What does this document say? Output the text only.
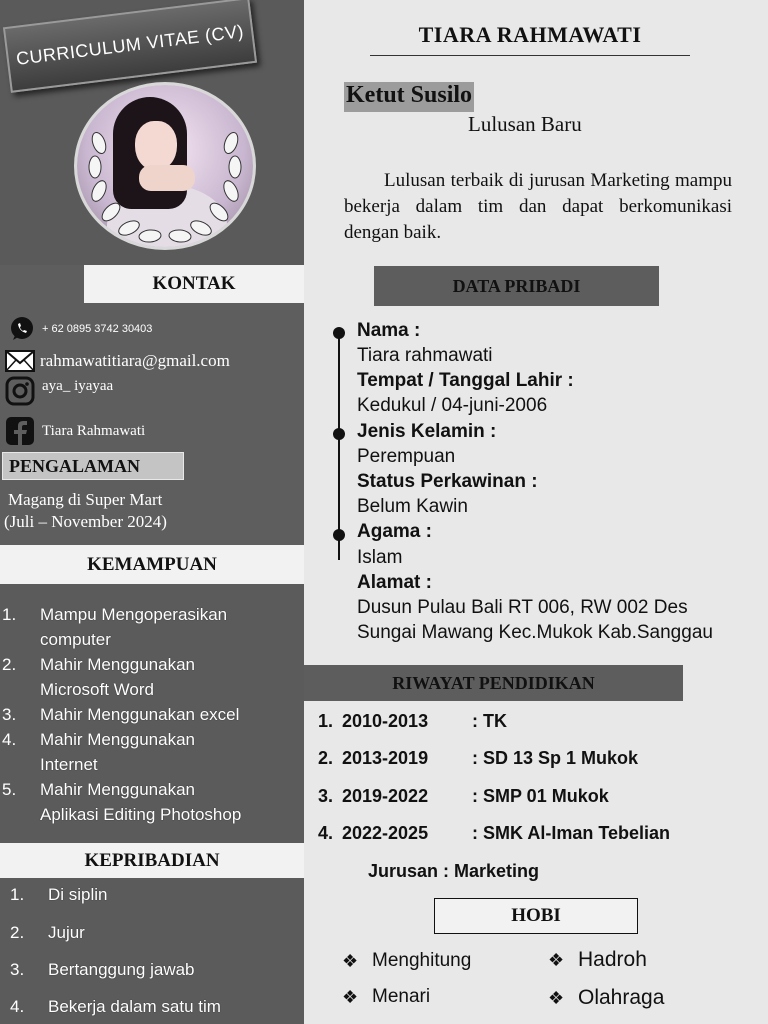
CURRICULUM VITAE (CV)
KONTAK
+ 62 0895 3742 30403
rahmawatitiara@gmail.com
aya_ iyayaa
Tiara Rahmawati
PENGALAMAN
Magang di Super Mart
(Juli – November 2024)
KEMAMPUAN
1.	Mampu Mengoperasikan
computer
2.	Mahir Menggunakan
Microsoft Word
3.	Mahir Menggunakan excel
4.	Mahir Menggunakan
Internet
5.	Mahir Menggunakan
Aplikasi Editing Photoshop
KEPRIBADIAN
1.	Di siplin
2.	Jujur
3.	Bertanggung jawab
4.	Bekerja dalam satu tim
TIARA RAHMAWATI
Ketut Susilo
Lulusan Baru
Lulusan terbaik di jurusan Marketing mampu bekerja dalam tim dan dapat berkomunikasi dengan baik.
DATA PRIBADI
Nama :
Tiara rahmawati
Tempat / Tanggal Lahir :
Kedukul / 04-juni-2006
Jenis Kelamin :
Perempuan
Status Perkawinan :
Belum Kawin
Agama :
Islam
Alamat :
Dusun Pulau Bali RT 006, RW 002 Des
Sungai Mawang Kec.Mukok Kab.Sanggau
RIWAYAT PENDIDIKAN
1. 2010-2013	: TK
2. 2013-2019	: SD 13 Sp 1 Mukok
3. 2019-2022	: SMP 01 Mukok
4. 2022-2025	: SMK Al-Iman Tebelian
Jurusan : Marketing
HOBI
❖ Menghitung	❖ Hadroh
❖ Menari	❖ Olahraga
